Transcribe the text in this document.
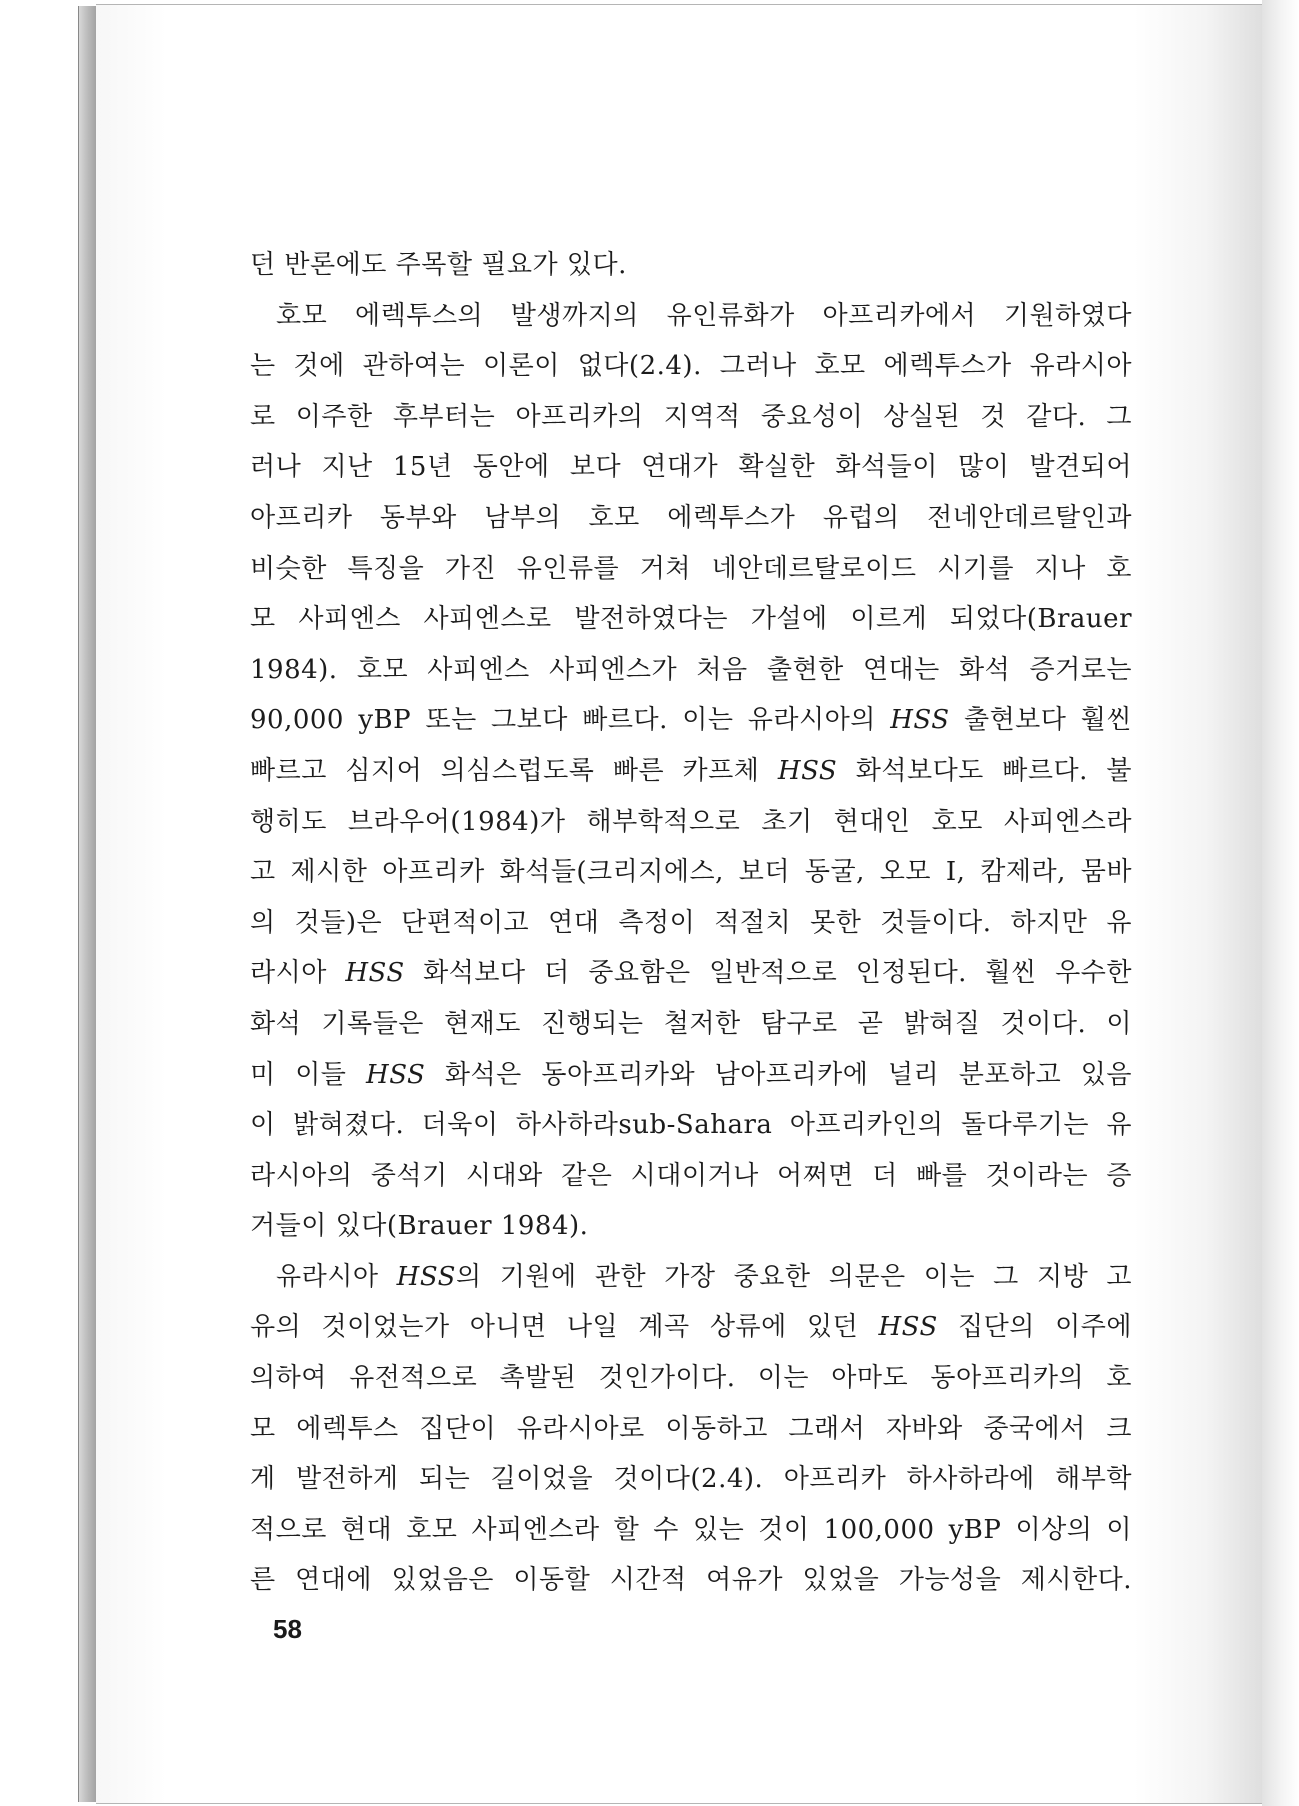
던 반론에도 주목할 필요가 있다.
호모 에렉투스의 발생까지의 유인류화가 아프리카에서 기원하였다
는 것에 관하여는 이론이 없다(2.4). 그러나 호모 에렉투스가 유라시아
로 이주한 후부터는 아프리카의 지역적 중요성이 상실된 것 같다. 그
러나 지난 15년 동안에 보다 연대가 확실한 화석들이 많이 발견되어
아프리카 동부와 남부의 호모 에렉투스가 유럽의 전네안데르탈인과
비슷한 특징을 가진 유인류를 거쳐 네안데르탈로이드 시기를 지나 호
모 사피엔스 사피엔스로 발전하였다는 가설에 이르게 되었다(Brauer
1984). 호모 사피엔스 사피엔스가 처음 출현한 연대는 화석 증거로는
90,000 yBP 또는 그보다 빠르다. 이는 유라시아의 HSS 출현보다 훨씬
빠르고 심지어 의심스럽도록 빠른 카프체 HSS 화석보다도 빠르다. 불
행히도 브라우어(1984)가 해부학적으로 초기 현대인 호모 사피엔스라
고 제시한 아프리카 화석들(크리지에스, 보더 동굴, 오모 I, 캄제라, 뭄바
의 것들)은 단편적이고 연대 측정이 적절치 못한 것들이다. 하지만 유
라시아 HSS 화석보다 더 중요함은 일반적으로 인정된다. 훨씬 우수한
화석 기록들은 현재도 진행되는 철저한 탐구로 곧 밝혀질 것이다. 이
미 이들 HSS 화석은 동아프리카와 남아프리카에 널리 분포하고 있음
이 밝혀졌다. 더욱이 하사하라sub-Sahara 아프리카인의 돌다루기는 유
라시아의 중석기 시대와 같은 시대이거나 어쩌면 더 빠를 것이라는 증
거들이 있다(Brauer 1984).
유라시아 HSS의 기원에 관한 가장 중요한 의문은 이는 그 지방 고
유의 것이었는가 아니면 나일 계곡 상류에 있던 HSS 집단의 이주에
의하여 유전적으로 촉발된 것인가이다. 이는 아마도 동아프리카의 호
모 에렉투스 집단이 유라시아로 이동하고 그래서 자바와 중국에서 크
게 발전하게 되는 길이었을 것이다(2.4). 아프리카 하사하라에 해부학
적으로 현대 호모 사피엔스라 할 수 있는 것이 100,000 yBP 이상의 이
른 연대에 있었음은 이동할 시간적 여유가 있었을 가능성을 제시한다.
58
